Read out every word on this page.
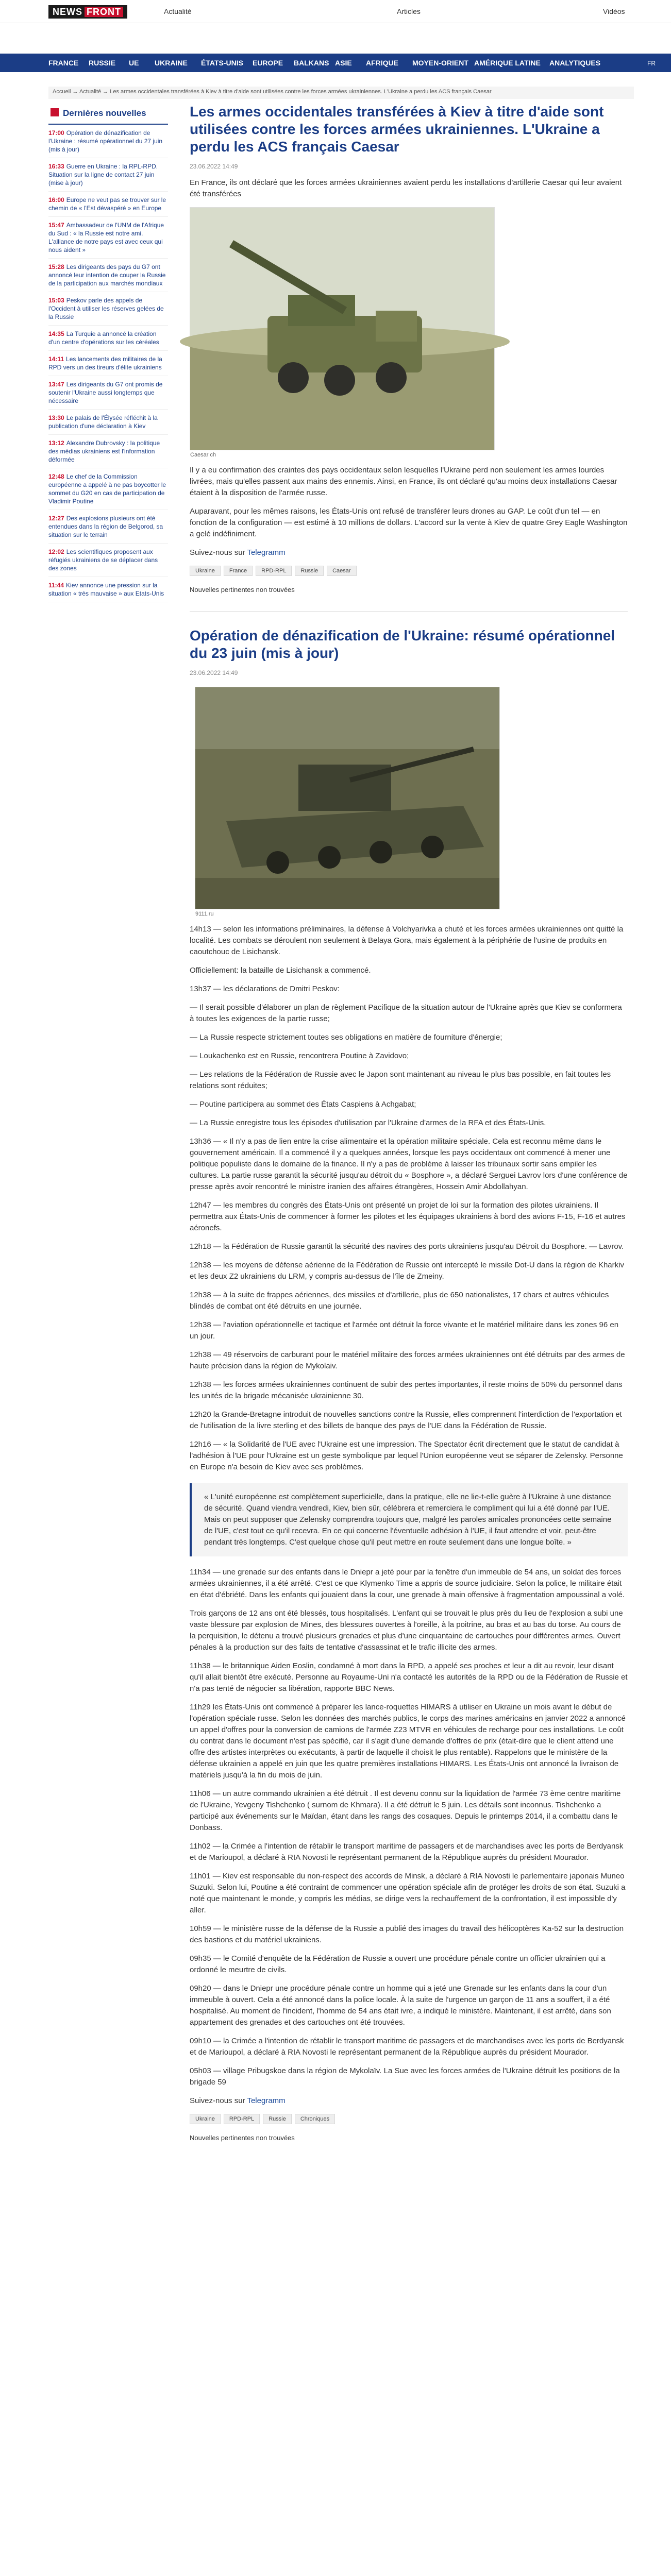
NEWS FRONT	Actualité	Articles	Vidéos
FRANCE RUSSIE UE UKRAINE ÉTATS-UNIS EUROPE BALKANS ASIE AFRIQUE MOYEN-ORIENT AMÉRIQUE LATINE ANALYTIQUES	FR
Accueil → Actualité → Les armes occidentales transférées à Kiev à titre d'aide sont utilisées contre les forces armées ukrainiennes. L'Ukraine a perdu les ACS français Caesar
Dernières nouvelles
17:00 Opération de dénazification de l'Ukraine : résumé opérationnel du 27 juin (mis à jour)
16:33 Guerre en Ukraine : la RPL-RPD. Situation sur la ligne de contact 27 juin (mise à jour)
16:00 Europe ne veut pas se trouver sur le chemin de « l'Est dévaspéré » en Europe
15:47 Ambassadeur de l'UNM de l'Afrique du Sud : « la Russie est notre ami. L'alliance de notre pays est avec ceux qui nous aident »
15:28 Les dirigeants des pays du G7 ont annoncé leur intention de couper la Russie de la participation aux marchés mondiaux
15:03 Peskov parle des appels de l'Occident à utiliser les réserves gelées de la Russie
14:35 La Turquie a annoncé la création d'un centre d'opérations sur les céréales
14:11 Les lancements des militaires de la RPD vers un des tireurs d'élite ukrainiens
13:47 Les dirigeants du G7 ont promis de soutenir l'Ukraine aussi longtemps que nécessaire
13:30 Le palais de l'Élysée réfléchit à la publication d'une déclaration à Kiev
13:12 Alexandre Dubrovsky : la politique des médias ukrainiens est l'information déformée
12:48 Le chef de la Commission européenne a appelé à ne pas boycotter le sommet du G20 en cas de participation de Vladimir Poutine
12:27 Des explosions plusieurs ont été entendues dans la région de Belgorod, sa situation sur le terrain
12:02 Les scientifiques proposent aux réfugiés ukrainiens de se déplacer dans des zones
11:44 Kiev annonce une pression sur la situation « très mauvaise » aux Etats-Unis
Les armes occidentales transférées à Kiev à titre d'aide sont utilisées contre les forces armées ukrainiennes. L'Ukraine a perdu les ACS français Caesar
23.06.2022 14:49

En France, ils ont déclaré que les forces armées ukrainiennes avaient perdu les installations d'artillerie Caesar qui leur avaient été transférées

Caesar ch

Il y a eu confirmation des craintes des pays occidentaux selon lesquelles l'Ukraine perd non seulement les armes lourdes livrées, mais qu'elles passent aux mains des ennemis. Ainsi, en France, ils ont déclaré qu'au moins deux installations Caesar étaient à la disposition de l'armée russe.

Auparavant, pour les mêmes raisons, les États-Unis ont refusé de transférer leurs drones au GAP. Le coût d'un tel — en fonction de la configuration — est estimé à 10 millions de dollars. L'accord sur la vente à Kiev de quatre Grey Eagle Washington a gelé indéfiniment.

Suivez-nous sur Telegramm

Ukraine	France	RPD-RPL	Russie	Caesar

Nouvelles pertinentes non trouvées

Opération de dénazification de l'Ukraine: résumé opérationnel du 23 juin (mis à jour)
23.06.2022 14:49
9111.ru

14h13 — selon les informations préliminaires, la défense à Volchyarivka a chuté et les forces armées ukrainiennes ont quitté la localité. Les combats se déroulent non seulement à Belaya Gora, mais également à la périphérie de l'usine de produits en caoutchouc de Lisichansk.

Officiellement: la bataille de Lisichansk a commencé.

13h37 — les déclarations de Dmitri Peskov:

— Il serait possible d'élaborer un plan de règlement Pacifique de la situation autour de l'Ukraine après que Kiev se conformera à toutes les exigences de la partie russe;

— La Russie respecte strictement toutes ses obligations en matière de fourniture d'énergie;

— Loukachenko est en Russie, rencontrera Poutine à Zavidovo;

— Les relations de la Fédération de Russie avec le Japon sont maintenant au niveau le plus bas possible, en fait toutes les relations sont réduites;

— Poutine participera au sommet des États Caspiens à Achgabat;

— La Russie enregistre tous les épisodes d'utilisation par l'Ukraine d'armes de la RFA et des États-Unis.

13h36 — « Il n'y a pas de lien entre la crise alimentaire et la opération militaire spéciale. Cela est reconnu même dans le gouvernement américain. Il a commencé il y a quelques années, lorsque les pays occidentaux ont commencé à mener une politique populiste dans le domaine de la finance. Il n'y a pas de problème à laisser les tribunaux sortir sans empiler les cultures. La partie russe garantit la sécurité jusqu'au détroit du « Bosphore », a déclaré Serguei Lavrov lors d'une conférence de presse après avoir rencontré le ministre iranien des affaires étrangères, Hossein Amir Abdollahyan.

12h47 — les membres du congrès des États-Unis ont présenté un projet de loi sur la formation des pilotes ukrainiens. Il permettra aux États-Unis de commencer à former les pilotes et les équipages ukrainiens à bord des avions F-15, F-16 et autres aéronefs.

12h18 — la Fédération de Russie garantit la sécurité des navires des ports ukrainiens jusqu'au Détroit du Bosphore. — Lavrov.

12h38 — les moyens de défense aérienne de la Fédération de Russie ont intercepté le missile Dot-U dans la région de Kharkiv et les deux Z2 ukrainiens du LRM, y compris au-dessus de l'île de Zmeiny.

12h38 — à la suite de frappes aériennes, des missiles et d'artillerie, plus de 650 nationalistes, 17 chars et autres véhicules blindés de combat ont été détruits en une journée.

12h38 — l'aviation opérationnelle et tactique et l'armée ont détruit la force vivante et le matériel militaire dans les zones 96 en un jour.

12h38 — 49 réservoirs de carburant pour le matériel militaire des forces armées ukrainiennes ont été détruits par des armes de haute précision dans la région de Mykolaiv.

12h38 — les forces armées ukrainiennes continuent de subir des pertes importantes, il reste moins de 50% du personnel dans les unités de la brigade mécanisée ukrainienne 30.

12h20 la Grande-Bretagne introduit de nouvelles sanctions contre la Russie, elles comprennent l'interdiction de l'exportation et de l'utilisation de la livre sterling et des billets de banque des pays de l'UE dans la Fédération de Russie.

12h16 — « la Solidarité de l'UE avec l'Ukraine est une impression. The Spectator écrit directement que le statut de candidat à l'adhésion à l'UE pour l'Ukraine est un geste symbolique par lequel l'Union européenne veut se séparer de Zelensky. Personne en Europe n'a besoin de Kiev avec ses problèmes.

« L'unité européenne est complètement superficielle, dans la pratique, elle ne lie-t-elle guère à l'Ukraine à une distance de sécurité. Quand viendra vendredi, Kiev, bien sûr, célébrera et remerciera le compliment qui lui a été donné par l'UE. Mais on peut supposer que Zelensky comprendra toujours que, malgré les paroles amicales prononcées cette semaine de l'UE, c'est tout ce qu'il recevra. En ce qui concerne l'éventuelle adhésion à l'UE, il faut attendre et voir, peut-être pendant très longtemps. C'est quelque chose qu'il peut mettre en route seulement dans une longue boîte. »

11h34 — une grenade sur des enfants dans le Dniepr a jeté pour par la fenêtre d'un immeuble de 54 ans, un soldat des forces armées ukrainiennes, il a été arrêté. C'est ce que Klymenko Time a appris de source judiciaire. Selon la police, le militaire était en état d'ébriété. Dans les enfants qui jouaient dans la cour, une grenade à main offensive à fragmentation ampoussinal a volé.

Trois garçons de 12 ans ont été blessés, tous hospitalisés. L'enfant qui se trouvait le plus près du lieu de l'explosion a subi une vaste blessure par explosion de Mines, des blessures ouvertes à l'oreille, à la poitrine, au bras et au bas du torse. Au cours de la perquisition, le détenu a trouvé plusieurs grenades et plus d'une cinquantaine de cartouches pour différentes armes. Ouvert pénales à la production sur des faits de tentative d'assassinat et le trafic illicite des armes.

11h38 — le britannique Aiden Eoslin, condamné à mort dans la RPD, a appelé ses proches et leur a dit au revoir, leur disant qu'il allait bientôt être exécuté. Personne au Royaume-Uni n'a contacté les autorités de la RPD ou de la Fédération de Russie et n'a pas tenté de négocier sa libération, rapporte BBC News.

11h29 les États-Unis ont commencé à préparer les lance-roquettes HIMARS à utiliser en Ukraine un mois avant le début de l'opération spéciale russe. Selon les données des marchés publics, le corps des marines américains en janvier 2022 a annoncé un appel d'offres pour la conversion de camions de l'armée Z23 MTVR en véhicules de recharge pour ces installations. Le coût du contrat dans le document n'est pas spécifié, car il s'agit d'une demande d'offres de prix (était-dire que le client attend une offre des artistes interprètes ou exécutants, à partir de laquelle il choisit le plus rentable). Rappelons que le ministère de la défense ukrainien a appelé en juin que les quatre premières installations HIMARS. Les États-Unis ont annoncé la livraison de matériels jusqu'à la fin du mois de juin.

11h06 — un autre commando ukrainien a été détruit . Il est devenu connu sur la liquidation de l'armée 73 ème centre maritime de l'Ukraine, Yevgeny Tishchenko ( surnom de Khmara). Il a été détruit le 5 juin. Les détails sont inconnus. Tishchenko a participé aux événements sur le Maïdan, étant dans les rangs des cosaques. Depuis le printemps 2014, il a combattu dans le Donbass.

11h02 — la Crimée a l'intention de rétablir le transport maritime de passagers et de marchandises avec les ports de Berdyansk et de Marioupol, a déclaré à RIA Novosti le représentant permanent de la République auprès du président Mourador.

11h01 — Kiev est responsable du non-respect des accords de Minsk, a déclaré à RIA Novosti le parlementaire japonais Muneo Suzuki. Selon lui, Poutine a été contraint de commencer une opération spéciale afin de protéger les droits de son état. Suzuki a noté que maintenant le monde, y compris les médias, se dirige vers la rechauffement de la confrontation, il est impossible d'y aller.

10h59 — le ministère russe de la défense de la Russie a publié des images du travail des hélicoptères Ka-52 sur la destruction des bastions et du matériel ukrainiens.

09h35 — le Comité d'enquête de la Fédération de Russie a ouvert une procédure pénale contre un officier ukrainien qui a ordonné le meurtre de civils.

09h20 — dans le Dniepr une procédure pénale contre un homme qui a jeté une Grenade sur les enfants dans la cour d'un immeuble à ouvert. Cela a été annoncé dans la police locale. À la suite de l'urgence un garçon de 11 ans a souffert, il a été hospitalisé. Au moment de l'incident, l'homme de 54 ans était ivre, a indiqué le ministère. Maintenant, il est arrêté, dans son appartement des grenades et des cartouches ont été trouvées.

09h10 — la Crimée a l'intention de rétablir le transport maritime de passagers et de marchandises avec les ports de Berdyansk et de Marioupol, a déclaré à RIA Novosti le représentant permanent de la République auprès du président Mourador.

05h03 — village Pribugskoe dans la région de Mykolaïv. La Sue avec les forces armées de l'Ukraine détruit les positions de la brigade 59

Suivez-nous sur Telegramm

Ukraine	RPD-RPL	Russie	Chroniques

Nouvelles pertinentes non trouvées
